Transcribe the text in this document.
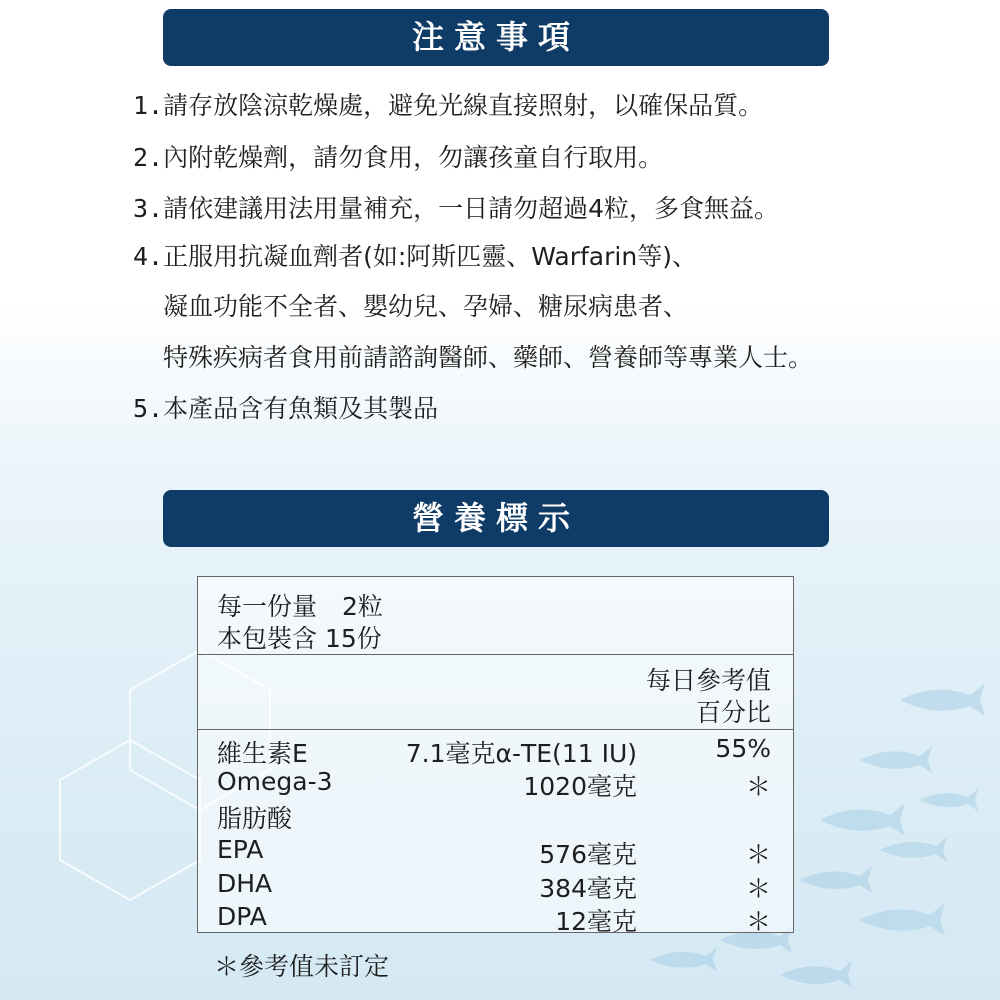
注意事項
1.請存放陰涼乾燥處，避免光線直接照射，以確保品質。
2.內附乾燥劑，請勿食用，勿讓孩童自行取用。
3.請依建議用法用量補充，一日請勿超過4粒，多食無益。
4.正服用抗凝血劑者(如:阿斯匹靈、Warfarin等)、
凝血功能不全者、嬰幼兒、孕婦、糖尿病患者、
特殊疾病者食用前請諮詢醫師、藥師、營養師等專業人士。
5.本產品含有魚類及其製品
營養標示
每一份量　2粒
本包裝含 15份
每日參考值
百分比
維生素E	7.1毫克α-TE(11 IU)	55%
Omega-3	1020毫克	＊
脂肪酸
EPA	576毫克	＊
DHA	384毫克	＊
DPA	12毫克	＊
＊參考值未訂定
